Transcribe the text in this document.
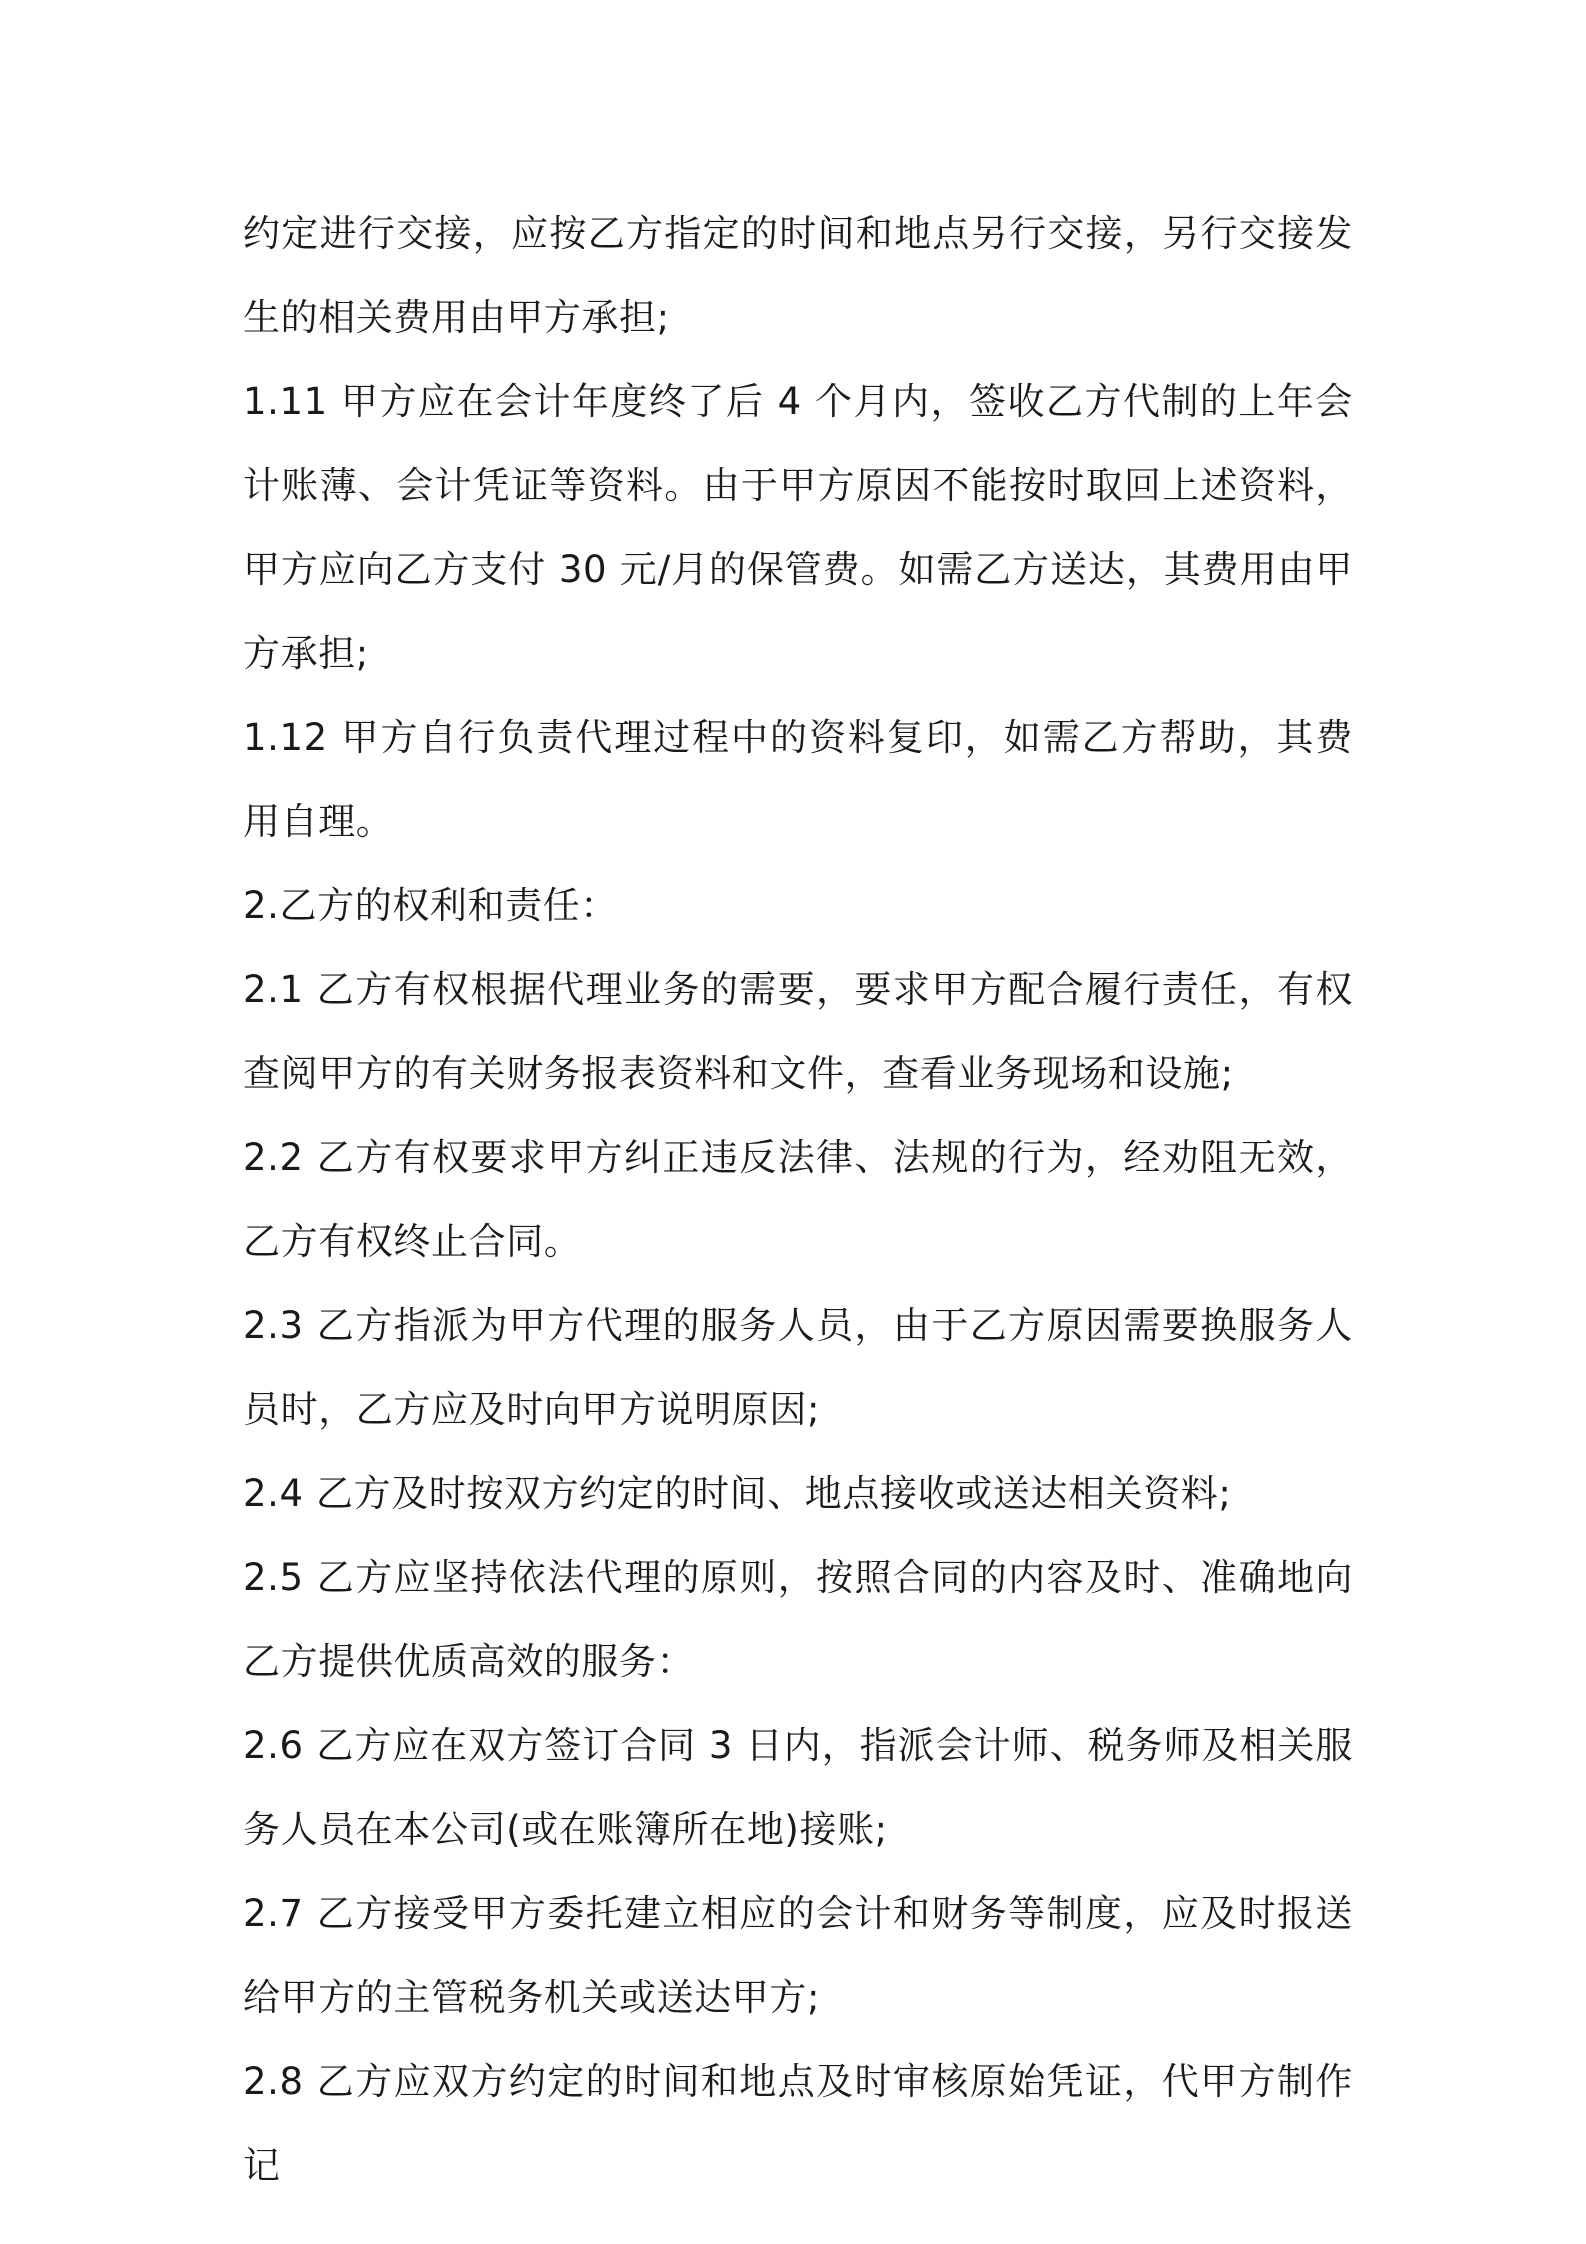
约定进行交接，应按乙方指定的时间和地点另行交接，另行交接发生的相关费用由甲方承担;

1.11 甲方应在会计年度终了后 4 个月内，签收乙方代制的上年会计账薄、会计凭证等资料。由于甲方原因不能按时取回上述资料，甲方应向乙方支付 30 元/月的保管费。如需乙方送达，其费用由甲方承担;

1.12 甲方自行负责代理过程中的资料复印，如需乙方帮助，其费用自理。

2.乙方的权利和责任：

2.1 乙方有权根据代理业务的需要，要求甲方配合履行责任，有权查阅甲方的有关财务报表资料和文件，查看业务现场和设施;

2.2 乙方有权要求甲方纠正违反法律、法规的行为，经劝阻无效，乙方有权终止合同。

2.3 乙方指派为甲方代理的服务人员，由于乙方原因需要换服务人员时，乙方应及时向甲方说明原因;

2.4 乙方及时按双方约定的时间、地点接收或送达相关资料;

2.5 乙方应坚持依法代理的原则，按照合同的内容及时、准确地向乙方提供优质高效的服务：

2.6 乙方应在双方签订合同 3 日内，指派会计师、税务师及相关服务人员在本公司(或在账簿所在地)接账;

2.7 乙方接受甲方委托建立相应的会计和财务等制度，应及时报送给甲方的主管税务机关或送达甲方;

2.8 乙方应双方约定的时间和地点及时审核原始凭证，代甲方制作记
